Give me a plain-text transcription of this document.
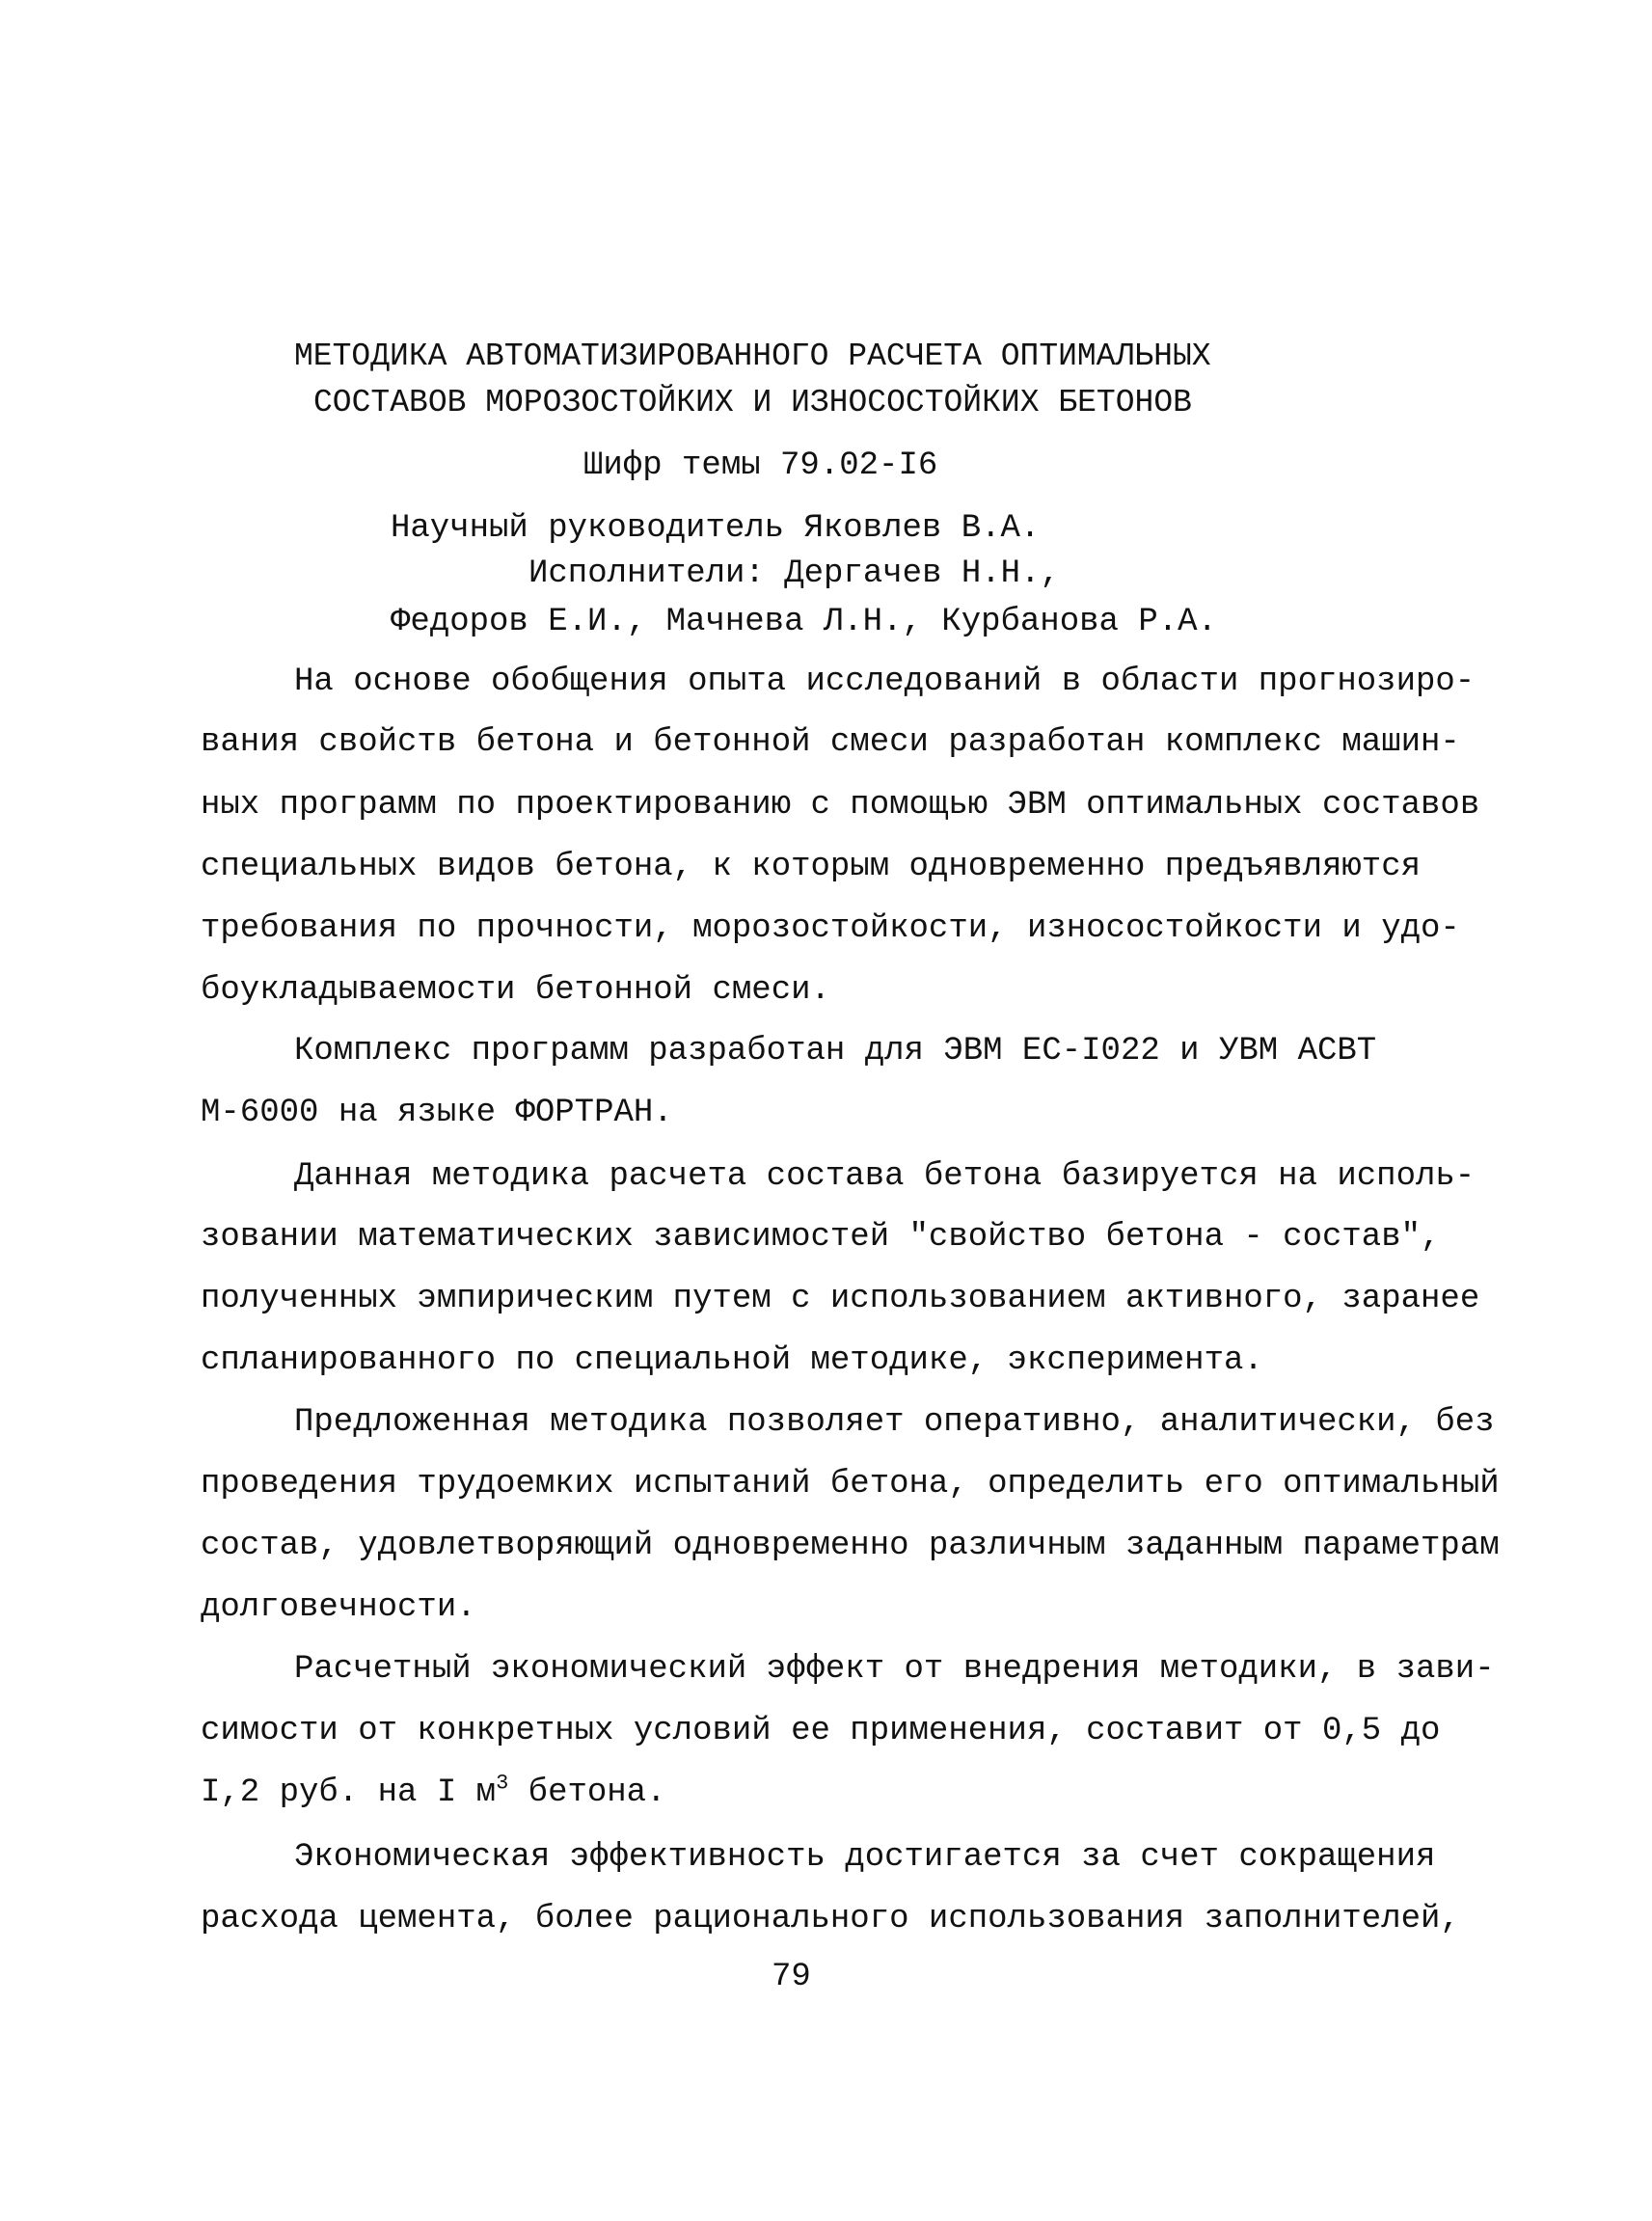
МЕТОДИКА АВТОМАТИЗИРОВАННОГО РАСЧЕТА ОПТИМАЛЬНЫХ
СОСТАВОВ МОРОЗОСТОЙКИХ И ИЗНОСОСТОЙКИХ БЕТОНОВ
Шифр темы 79.02-I6
Научный руководитель Яковлев В.А.
Исполнители: Дергачев Н.Н.,
Федоров Е.И., Мачнева Л.Н., Курбанова Р.А.
На основе обобщения опыта исследований в области прогнозиро-
вания свойств бетона и бетонной смеси разработан комплекс машин-
ных программ по проектированию с помощью ЭВМ оптимальных составов
специальных видов бетона, к которым одновременно предъявляются
требования по прочности, морозостойкости, износостойкости и удо-
боукладываемости бетонной смеси.
Комплекс программ разработан для ЭВМ ЕС-I022 и УВМ АСВТ
М-6000 на языке ФОРТРАН.
Данная методика расчета состава бетона базируется на исполь-
зовании математических зависимостей "свойство бетона - состав",
полученных эмпирическим путем с использованием активного, заранее
спланированного по специальной методике, эксперимента.
Предложенная методика позволяет оперативно, аналитически, без
проведения трудоемких испытаний бетона, определить его оптимальный
состав, удовлетворяющий одновременно различным заданным параметрам
долговечности.
Расчетный экономический эффект от внедрения методики, в зави-
симости от конкретных условий ее применения, составит от 0,5 до
I,2 руб. на I $м^3$ бетона.
Экономическая эффективность достигается за счет сокращения
расхода цемента, более рационального использования заполнителей,
79
